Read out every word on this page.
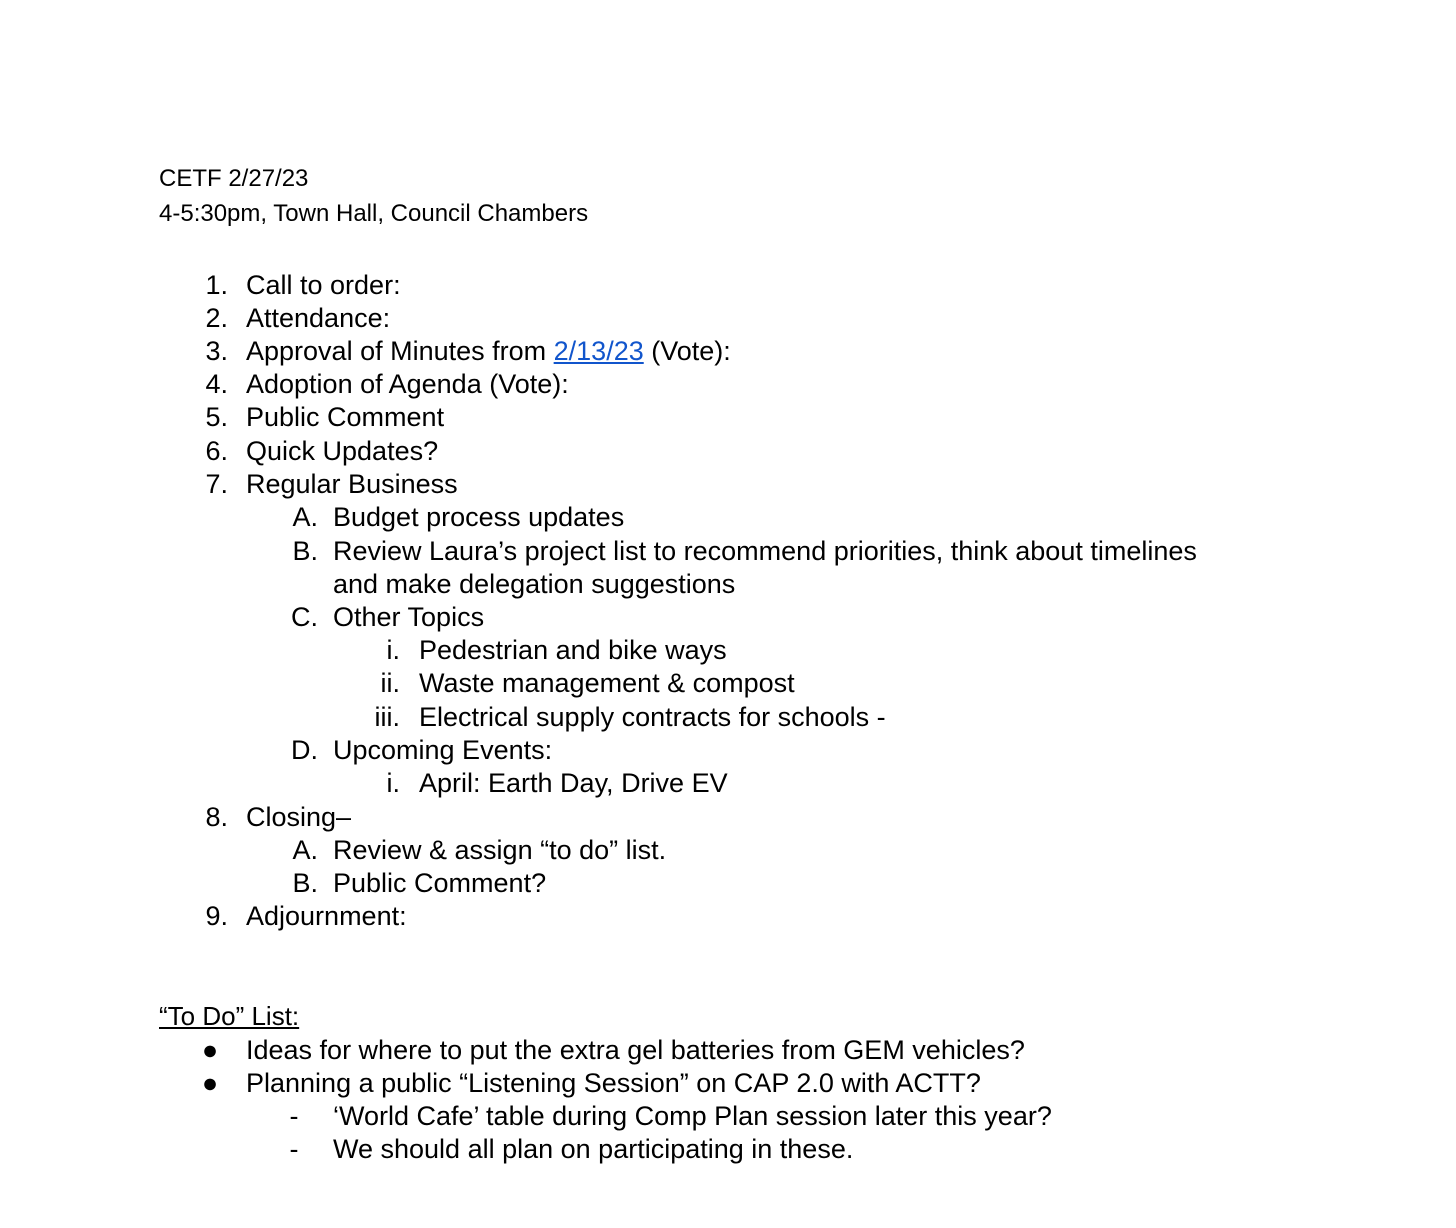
CETF 2/27/23
4-5:30pm, Town Hall, Council Chambers
1. Call to order:
2. Attendance:
3. Approval of Minutes from 2/13/23 (Vote):
4. Adoption of Agenda (Vote):
5. Public Comment
6. Quick Updates?
7. Regular Business
A. Budget process updates
B. Review Laura’s project list to recommend priorities, think about timelines
and make delegation suggestions
C. Other Topics
i. Pedestrian and bike ways
ii. Waste management & compost
iii. Electrical supply contracts for schools -
D. Upcoming Events:
i. April: Earth Day, Drive EV
8. Closing–
A. Review & assign “to do” list.
B. Public Comment?
9. Adjournment:
“To Do” List:
● Ideas for where to put the extra gel batteries from GEM vehicles?
● Planning a public “Listening Session” on CAP 2.0 with ACTT?
-	‘World Cafe’ table during Comp Plan session later this year?
-	We should all plan on participating in these.
